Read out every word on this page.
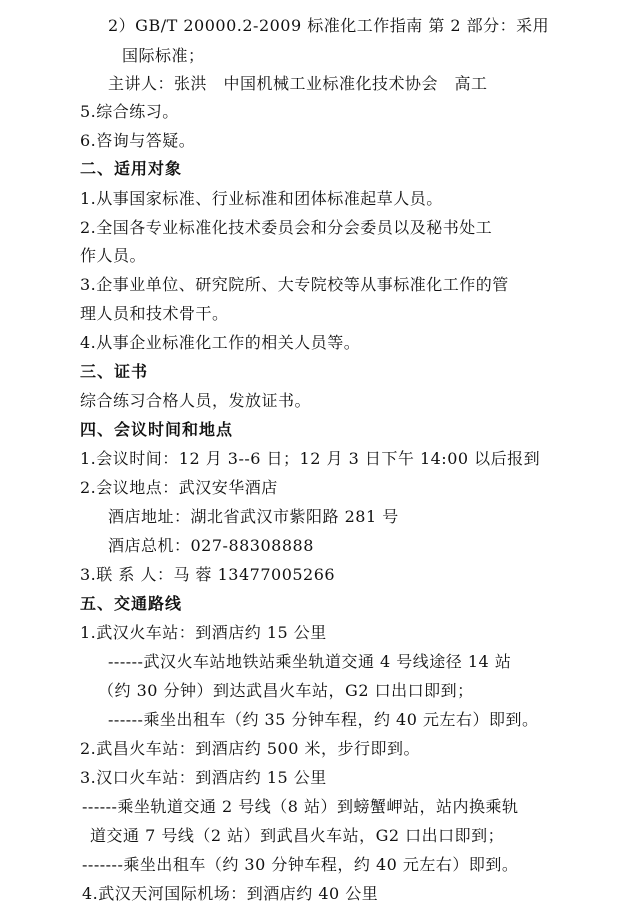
2）GB/T 20000.2-2009 标准化工作指南 第 2 部分：采用
国际标准；
主讲人：张洪　中国机械工业标准化技术协会　高工
5.综合练习。
6.咨询与答疑。
二、适用对象
1.从事国家标准、行业标准和团体标准起草人员。
2.全国各专业标准化技术委员会和分会委员以及秘书处工
作人员。
3.企事业单位、研究院所、大专院校等从事标准化工作的管
理人员和技术骨干。
4.从事企业标准化工作的相关人员等。
三、证书
综合练习合格人员，发放证书。
四、会议时间和地点
1.会议时间：12 月 3--6 日；12 月 3 日下午 14:00 以后报到
2.会议地点：武汉安华酒店
酒店地址：湖北省武汉市紫阳路 281 号
酒店总机：027-88308888
3.联 系 人：马 蓉 13477005266
五、交通路线
1.武汉火车站：到酒店约 15 公里
------武汉火车站地铁站乘坐轨道交通 4 号线途径 14 站
（约 30 分钟）到达武昌火车站，G2 口出口即到；
------乘坐出租车（约 35 分钟车程，约 40 元左右）即到。
2.武昌火车站：到酒店约 500 米，步行即到。
3.汉口火车站：到酒店约 15 公里
------乘坐轨道交通 2 号线（8 站）到螃蟹岬站，站内换乘轨
道交通 7 号线（2 站）到武昌火车站，G2 口出口即到；
-------乘坐出租车（约 30 分钟车程，约 40 元左右）即到。
4.武汉天河国际机场：到酒店约 40 公里
